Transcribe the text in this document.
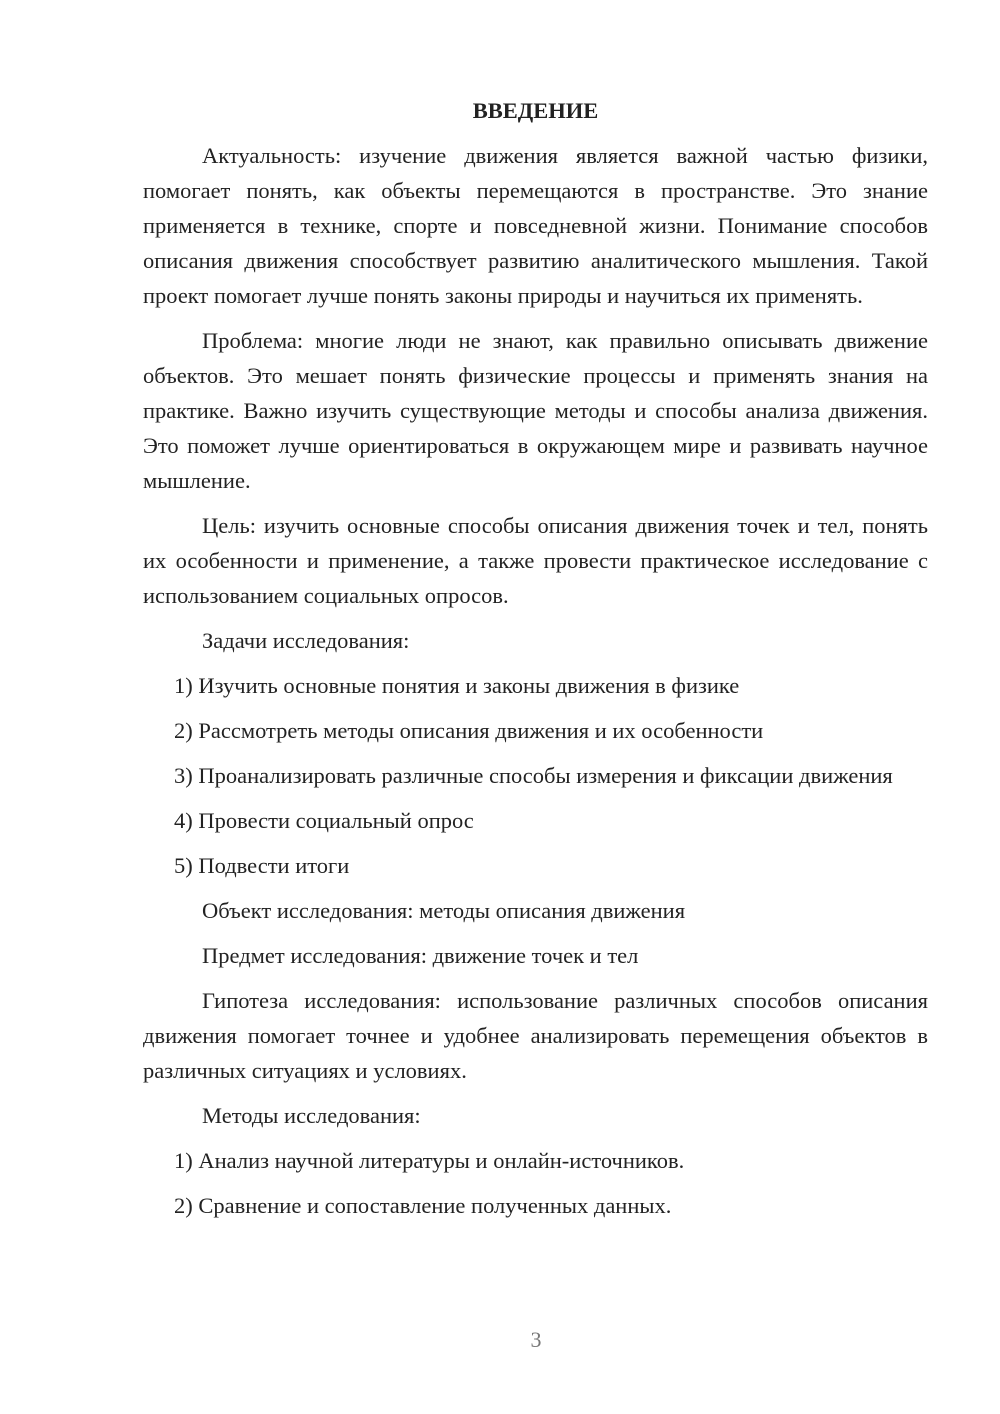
ВВЕДЕНИЕ

Актуальность: изучение движения является важной частью физики, помогает понять, как объекты перемещаются в пространстве. Это знание применяется в технике, спорте и повседневной жизни. Понимание способов описания движения способствует развитию аналитического мышления. Такой проект помогает лучше понять законы природы и научиться их применять.

Проблема: многие люди не знают, как правильно описывать движение объектов. Это мешает понять физические процессы и применять знания на практике. Важно изучить существующие методы и способы анализа движения. Это поможет лучше ориентироваться в окружающем мире и развивать научное мышление.

Цель: изучить основные способы описания движения точек и тел, понять их особенности и применение, а также провести практическое исследование с использованием социальных опросов.

Задачи исследования:

1) Изучить основные понятия и законы движения в физике

2) Рассмотреть методы описания движения и их особенности

3) Проанализировать различные способы измерения и фиксации движения

4) Провести социальный опрос

5) Подвести итоги

Объект исследования: методы описания движения

Предмет исследования: движение точек и тел

Гипотеза исследования: использование различных способов описания движения помогает точнее и удобнее анализировать перемещения объектов в различных ситуациях и условиях.

Методы исследования:

1) Анализ научной литературы и онлайн-источников.

2) Сравнение и сопоставление полученных данных.

3
